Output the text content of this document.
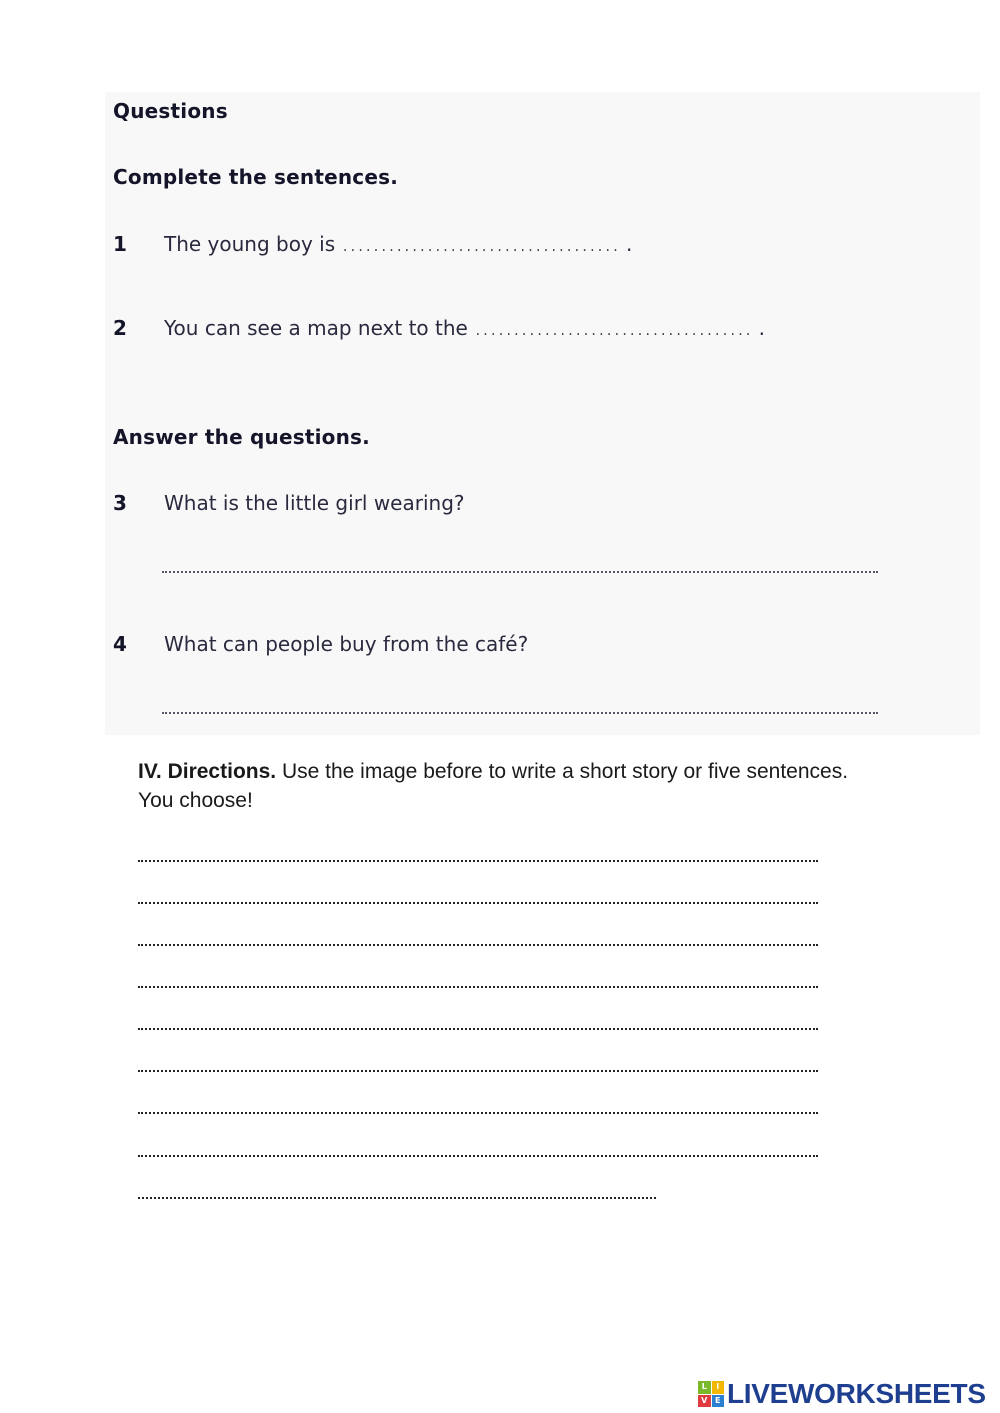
Questions
Complete the sentences.
1 The young boy is .................................... .
2 You can see a map next to the .................................... .
Answer the questions.
3 What is the little girl wearing?
4 What can people buy from the café?
IV. Directions. Use the image before to write a short story or five sentences. You choose!
L	I
V E LIVEWORKSHEETS
